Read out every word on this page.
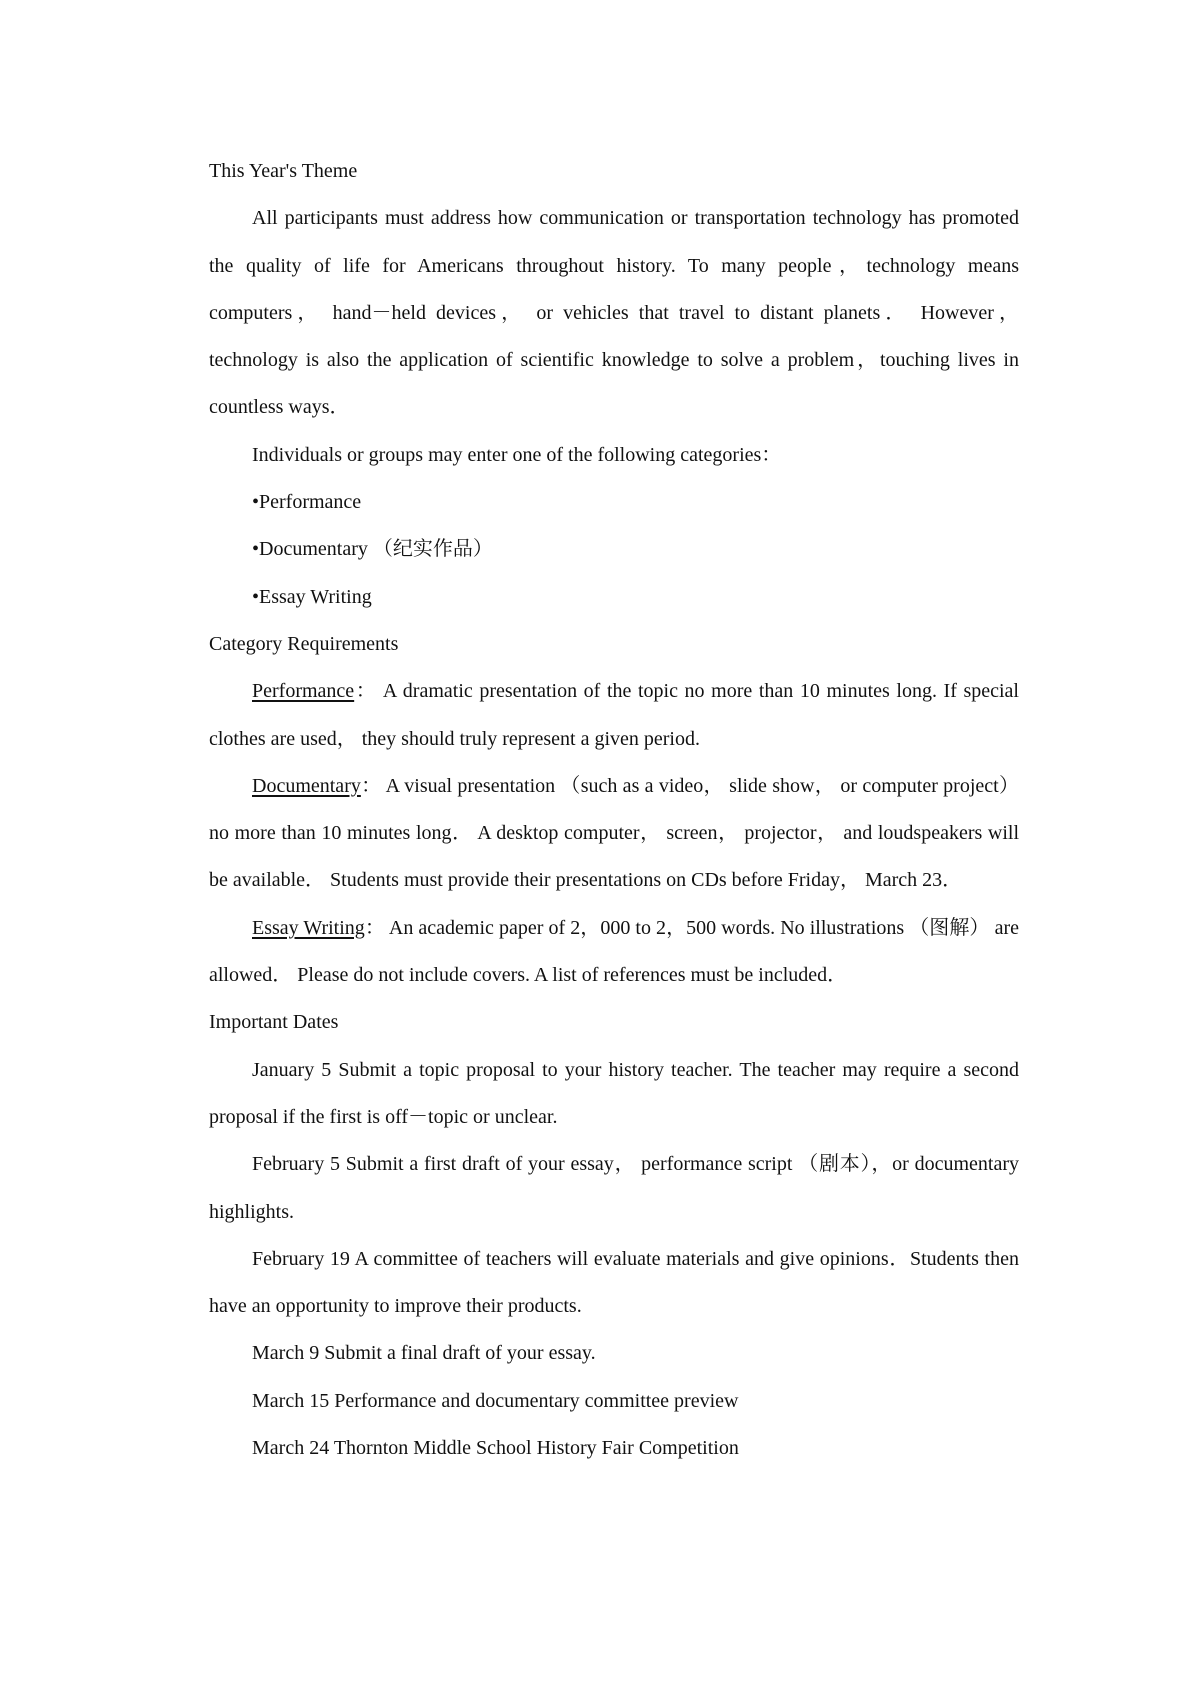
This Year's Theme

All participants must address how communication or transportation technology has promoted the quality of life for Americans throughout history. To many people，technology means computers， hand－held devices， or vehicles that travel to distant planets． However， technology is also the application of scientific knowledge to solve a problem，touching lives in countless ways．

Individuals or groups may enter one of the following categories：

•Performance

•Documentary （纪实作品）

•Essay Writing

Category Requirements

Performance： A dramatic presentation of the topic no more than 10 minutes long. If special clothes are used， they should truly represent a given period.

Documentary： A visual presentation （such as a video， slide show， or computer project） no more than 10 minutes long． A desktop computer， screen， projector， and loudspeakers will be available． Students must provide their presentations on CDs before Friday， March 23．

Essay Writing： An academic paper of 2，000 to 2，500 words. No illustrations （图解） are allowed． Please do not include covers. A list of references must be included．

Important Dates

January 5 Submit a topic proposal to your history teacher. The teacher may require a second proposal if the first is off－topic or unclear.

February 5 Submit a first draft of your essay， performance script （剧本），or documentary highlights.

February 19 A committee of teachers will evaluate materials and give opinions．Students then have an opportunity to improve their products.

March 9 Submit a final draft of your essay.

March 15 Performance and documentary committee preview

March 24 Thornton Middle School History Fair Competition
